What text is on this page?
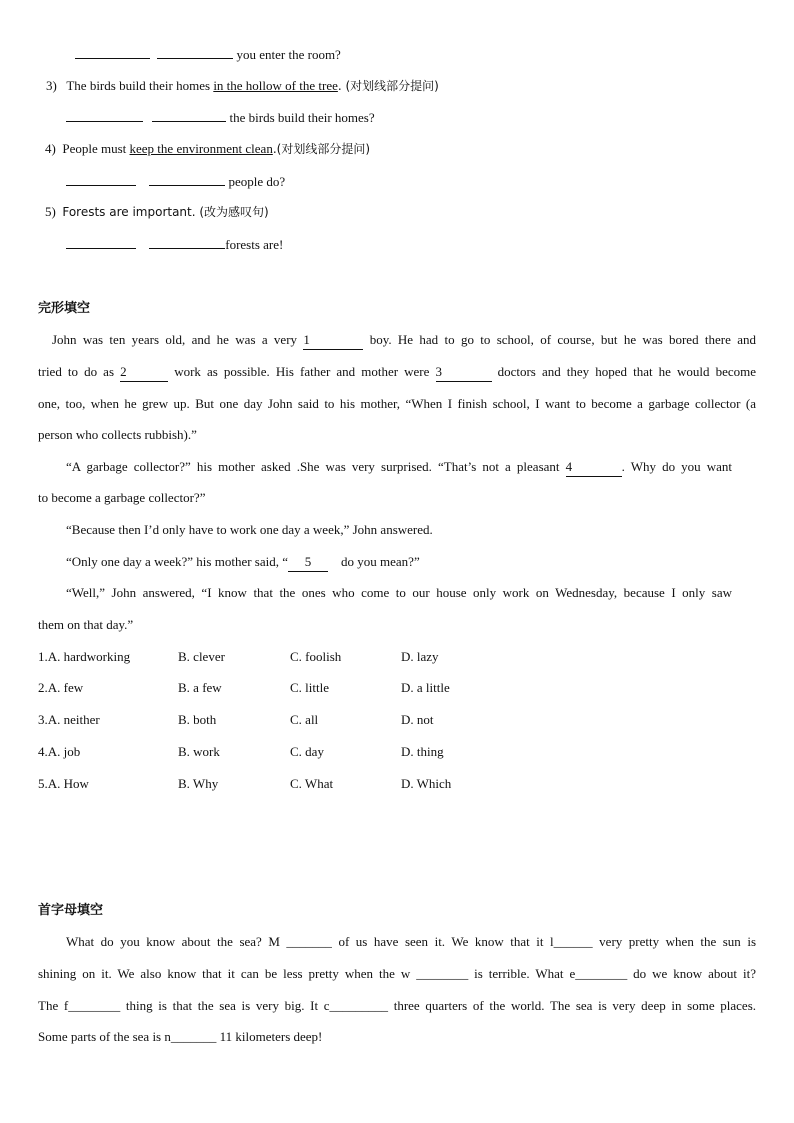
you enter the room?
3) The birds build their homes in the hollow of the tree. (对划线部分提问)
the birds build their homes?
4) People must keep the environment clean.(对划线部分提问)
people do?
5) Forests are important. (改为感叹句)
forests are!
完形填空
John was ten years old, and he was a very 1	boy. He had to go to school, of course, but he was bored there and
tried to do as 2	work as possible. His father and mother were 3	doctors and they hoped that he would become
one, too, when he grew up. But one day John said to his mother, “When I finish school, I want to become a garbage collector (a
person who collects rubbish).”
“A garbage collector?” his mother asked .She was very surprised. “That’s not a pleasant 4	. Why do you want
to become a garbage collector?”
“Because then I’d only have to work one day a week,” John answered.
“Only one day a week?” his mother said, “ 5 do you mean?”
“Well,” John answered, “I know that the ones who come to our house only work on Wednesday, because I only saw
them on that day.”
1.A. hardworking	B. clever	C. foolish	D. lazy
2.A. few	B. a few	C. little	D. a little
3.A. neither	B. both	C. all	D. not
4.A. job	B. work	C. day	D. thing
5.A. How	B. Why	C. What	D. Which
首字母填空
What do you know about the sea? M _______ of us have seen it. We know that it l______ very pretty when the sun is
shining on it. We also know that it can be less pretty when the w ________ is terrible. What e________ do we know about it?
The f________ thing is that the sea is very big. It c_________ three quarters of the world. The sea is very deep in some places.
Some parts of the sea is n_______ 11 kilometers deep!
